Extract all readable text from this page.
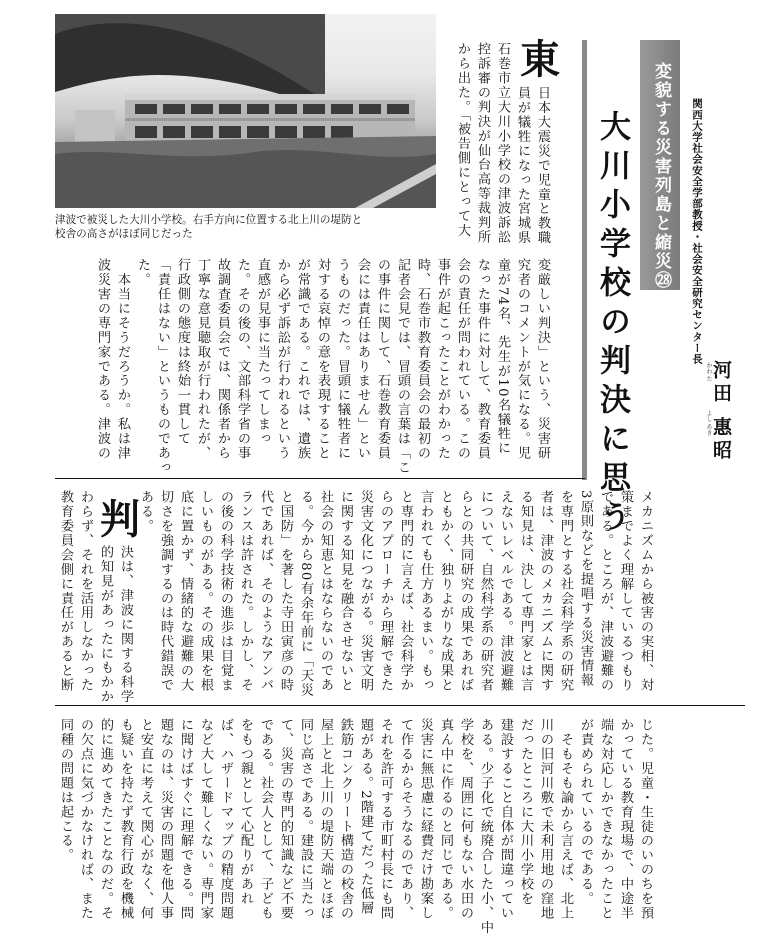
津波で被災した大川小学校。右手方向に位置する北上川の堤防と
校舎の高さがほぼ同じだった	変貌する災害列島と縮災㉘
大川小学校の判決に思う	関西大学社会安全学部教授・社会安全研究センター長
かわ た
よし あき
河田 惠昭
東
判
日本大震災で児童と教職
員が犠牲になった宮城県
石巻市立大川小学校の津波訴訟
控訴審の判決が仙台高等裁判所
から出た。「被告側にとって大
変厳しい判決」という、災害研
究者のコメントが気になる。児
童が74名、先生が10名犠牲に
なった事件に対して、教育委員
会の責任が問われている。この
事件が起こったことがわかった
時、石巻市教育委員会の最初の
記者会見では、冒頭の言葉は「こ
の事件に関して、石巻教育委員
会には責任はありません」とい
うものだった。冒頭に犠牲者に
対する哀悼の意を表現すること
が常識である。これでは、遺族
から必ず訴訟が行われるという
直感が見事に当たってしまっ
た。その後の、文部科学省の事
故調査委員会では、関係者から
丁寧な意見聴取が行われたが、
行政側の態度は終始一貫して
「責任はない」というものであっ
た。
　本当にそうだろうか。私は津
波災害の専門家である。津波の
決は、津波に関する科学
的知見があったにもかか
わらず、それを活用しなかった
教育委員会側に責任があると断	ある。 切さを強調するのは時代錯誤で 底に置かず、情緒的な避難の大 しいものがある。その成果を根 の後の科学技術の進歩は目覚ま ランスは許された。しかし、そ 代であれば、そのようなアンバ と国防」を著した寺田寅彦の時 る。今から80有余年前に「天災 社会の知恵とはならないのであ に関する知見を融合させないと 災害文化につながる。災害文明 らのアプローチから理解できた と専門的に言えば、社会科学か 言われても仕方あるまい。もっ ともかく、独りよがりな成果と らとの共同研究の成果であれば について、自然科学系の研究者 えないレベルである。津波避難 る知見は、決して専門家とは言 者は、津波のメカニズムに関す を専門とする社会科学系の研究 3原則などを提唱する災害情報 である。ところが、津波避難の 策までよく理解しているつもり メカニズムから被害の実相、対
同種の問題は起こる。 の欠点に気づかなければ、また 的に進めてきたことなのだ。そ も疑いを持たず教育行政を機械 と安直に考えて関心がなく、何 題なのは、災害の問題を他人事 に聞けばすぐに理解できる。問 など大して難しくない。専門家 ば、ハザードマップの精度問題 をもつ親として心配りがあれ である。社会人として、子ども て、災害の専門的知識など不要 同じ高さである。建設に当たっ 屋上と北上川の堤防天端とほぼ 鉄筋コンクリート構造の校舎の 題がある。2階建てだった低層 それを許可する市町村長にも問 て作るからそうなるのであり、 災害に無思慮に経費だけ勘案し 真ん中に作るのと同じである。 学校を、周囲に何もない水田の ある。少子化で統廃合した小、中 建設すること自体が間違ってい だったところに大川小学校を 川の旧河川敷で未利用地の窪地 　そもそも論から言えば、北上 が責められているのである。 端な対応しかできなかったこと かっている教育現場で、中途半 じた。児童・生徒のいのちを預
